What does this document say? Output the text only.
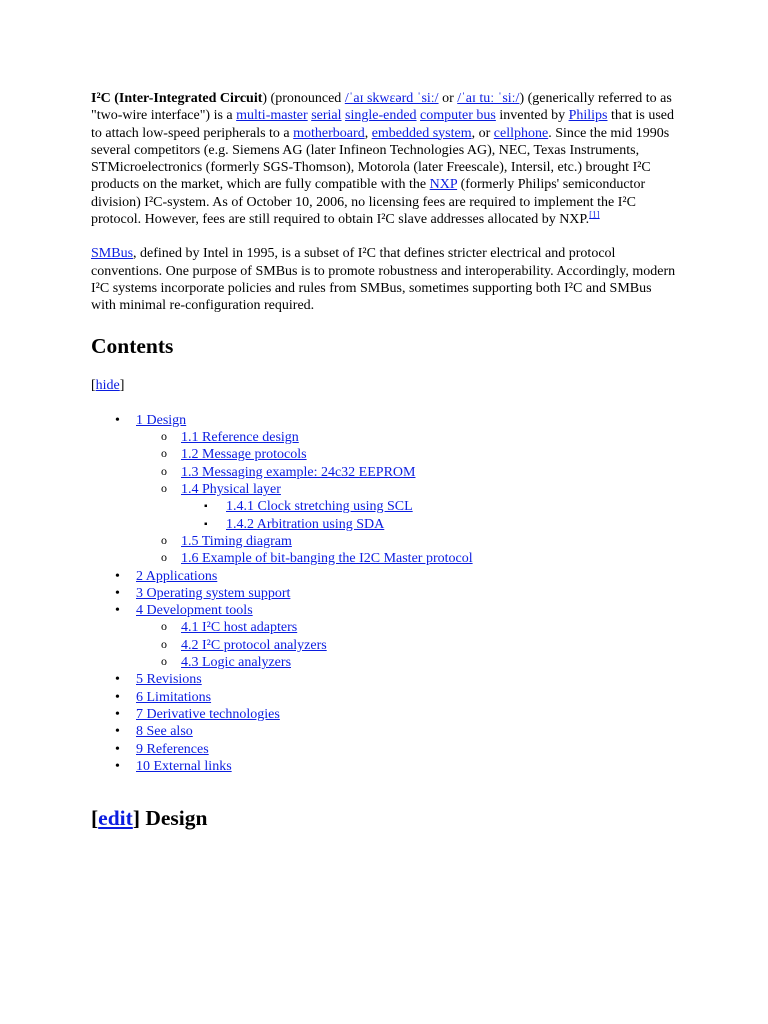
I²C (Inter-Integrated Circuit) (pronounced /ˈaɪ skwɛərd ˈsiː/ or /ˈaɪ tuː ˈsiː/) (generically referred to as "two-wire interface") is a multi-master serial single-ended computer bus invented by Philips that is used to attach low-speed peripherals to a motherboard, embedded system, or cellphone. Since the mid 1990s several competitors (e.g. Siemens AG (later Infineon Technologies AG), NEC, Texas Instruments, STMicroelectronics (formerly SGS-Thomson), Motorola (later Freescale), Intersil, etc.) brought I²C products on the market, which are fully compatible with the NXP (formerly Philips' semiconductor division) I²C-system. As of October 10, 2006, no licensing fees are required to implement the I²C protocol. However, fees are still required to obtain I²C slave addresses allocated by NXP.[1]

SMBus, defined by Intel in 1995, is a subset of I²C that defines stricter electrical and protocol conventions. One purpose of SMBus is to promote robustness and interoperability. Accordingly, modern I²C systems incorporate policies and rules from SMBus, sometimes supporting both I²C and SMBus with minimal re-configuration required.

Contents
[hide]
• 1 Design
o 1.1 Reference design
o 1.2 Message protocols
o 1.3 Messaging example: 24c32 EEPROM
o 1.4 Physical layer
▪ 1.4.1 Clock stretching using SCL
▪ 1.4.2 Arbitration using SDA
o 1.5 Timing diagram
o 1.6 Example of bit-banging the I2C Master protocol
• 2 Applications
• 3 Operating system support
• 4 Development tools
o 4.1 I²C host adapters
o 4.2 I²C protocol analyzers
o 4.3 Logic analyzers
• 5 Revisions
• 6 Limitations
• 7 Derivative technologies
• 8 See also
• 9 References
• 10 External links
[edit] Design
